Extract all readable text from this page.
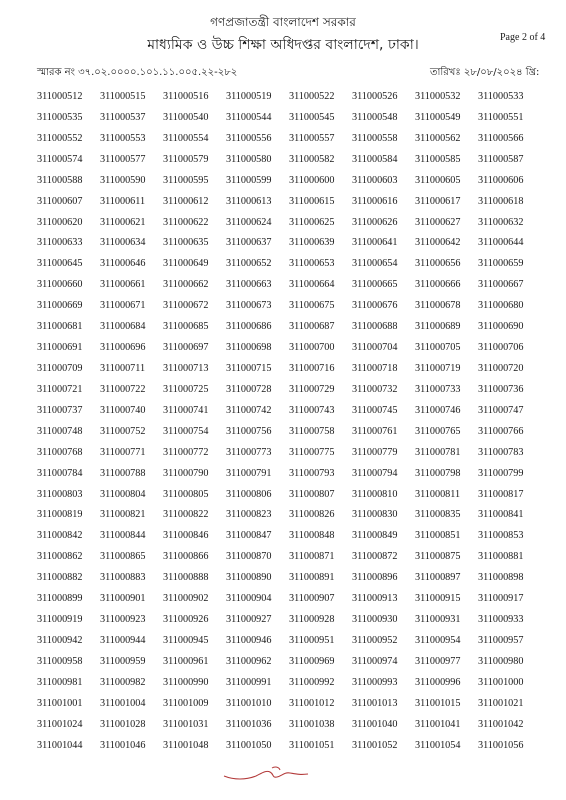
গণপ্রজাতন্ত্রী বাংলাদেশ সরকার
মাধ্যমিক ও উচ্চ শিক্ষা অধিদপ্তর বাংলাদেশ, ঢাকা।	Page 2 of 4
স্মারক নং ৩৭.০২.০০০০.১০১.১১.০০৫.২২-২৮২	তারিখঃ ২৮/০৮/২০২৪ খ্রি:
311000512	311000515	311000516	311000519	311000522	311000526	311000532	311000533
311000535	311000537	311000540	311000544	311000545	311000548	311000549	311000551
311000552	311000553	311000554	311000556	311000557	311000558	311000562	311000566
311000574	311000577	311000579	311000580	311000582	311000584	311000585	311000587
311000588	311000590	311000595	311000599	311000600	311000603	311000605	311000606
311000607	311000611	311000612	311000613	311000615	311000616	311000617	311000618
311000620	311000621	311000622	311000624	311000625	311000626	311000627	311000632
311000633	311000634	311000635	311000637	311000639	311000641	311000642	311000644
311000645	311000646	311000649	311000652	311000653	311000654	311000656	311000659
311000660	311000661	311000662	311000663	311000664	311000665	311000666	311000667
311000669	311000671	311000672	311000673	311000675	311000676	311000678	311000680
311000681	311000684	311000685	311000686	311000687	311000688	311000689	311000690
311000691	311000696	311000697	311000698	311000700	311000704	311000705	311000706
311000709	311000711	311000713	311000715	311000716	311000718	311000719	311000720
311000721	311000722	311000725	311000728	311000729	311000732	311000733	311000736
311000737	311000740	311000741	311000742	311000743	311000745	311000746	311000747
311000748	311000752	311000754	311000756	311000758	311000761	311000765	311000766
311000768	311000771	311000772	311000773	311000775	311000779	311000781	311000783
311000784	311000788	311000790	311000791	311000793	311000794	311000798	311000799
311000803	311000804	311000805	311000806	311000807	311000810	311000811	311000817
311000819	311000821	311000822	311000823	311000826	311000830	311000835	311000841
311000842	311000844	311000846	311000847	311000848	311000849	311000851	311000853
311000862	311000865	311000866	311000870	311000871	311000872	311000875	311000881
311000882	311000883	311000888	311000890	311000891	311000896	311000897	311000898
311000899	311000901	311000902	311000904	311000907	311000913	311000915	311000917
311000919	311000923	311000926	311000927	311000928	311000930	311000931	311000933
311000942	311000944	311000945	311000946	311000951	311000952	311000954	311000957
311000958	311000959	311000961	311000962	311000969	311000974	311000977	311000980
311000981	311000982	311000990	311000991	311000992	311000993	311000996	311001000
311001001	311001004	311001009	311001010	311001012	311001013	311001015	311001021
311001024	311001028	311001031	311001036	311001038	311001040	311001041	311001042
311001044	311001046	311001048	311001050	311001051	311001052	311001054	311001056
